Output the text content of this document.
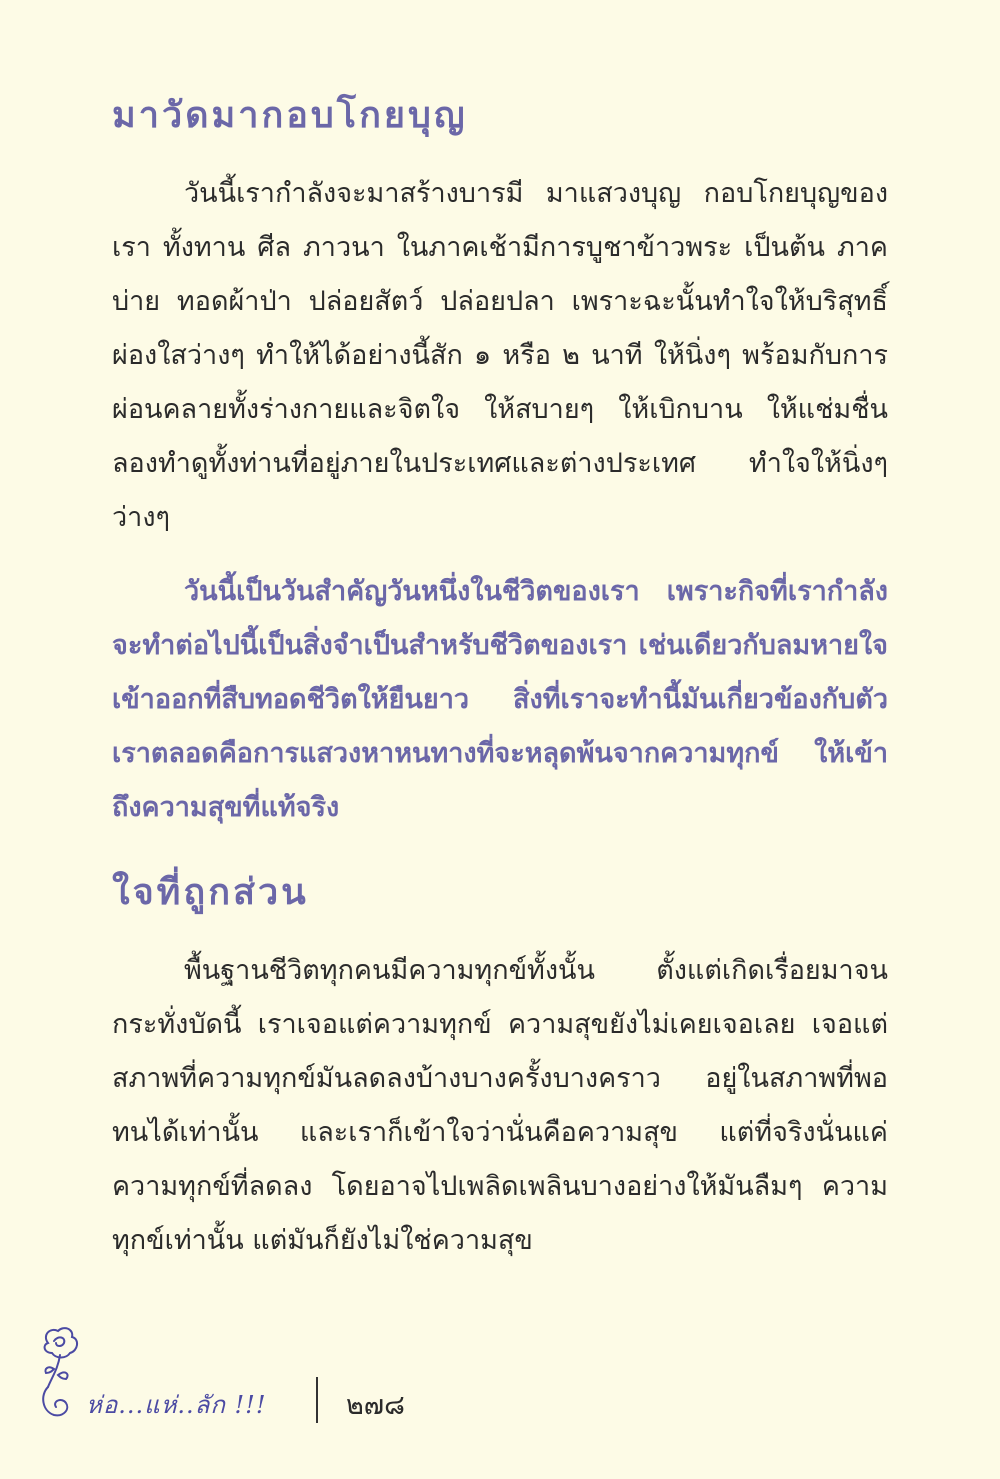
มาวัดมากอบโกยบุญ

วันนี้เรากำลังจะมาสร้างบารมี มาแสวงบุญ กอบโกยบุญของเรา ทั้งทาน ศีล ภาวนา ในภาคเช้ามีการบูชาข้าวพระ เป็นต้น ภาคบ่าย ทอดผ้าป่า ปล่อยสัตว์ ปล่อยปลา เพราะฉะนั้นทำใจให้บริสุทธิ์ผ่องใสว่างๆ ทำให้ได้อย่างนี้สัก ๑ หรือ ๒ นาที ให้นิ่งๆ พร้อมกับการผ่อนคลายทั้งร่างกายและจิตใจ ให้สบายๆ ให้เบิกบาน ให้แช่มชื่น ลองทำดูทั้งท่านที่อยู่ภายในประเทศและต่างประเทศ ทำใจให้นิ่งๆ ว่างๆ

วันนี้เป็นวันสำคัญวันหนึ่งในชีวิตของเรา เพราะกิจที่เรากำลังจะทำต่อไปนี้เป็นสิ่งจำเป็นสำหรับชีวิตของเรา เช่นเดียวกับลมหายใจเข้าออกที่สืบทอดชีวิตให้ยืนยาว สิ่งที่เราจะทำนี้มันเกี่ยวข้องกับตัวเราตลอดคือการแสวงหาหนทางที่จะหลุดพ้นจากความทุกข์ ให้เข้าถึงความสุขที่แท้จริง

ใจที่ถูกส่วน

พื้นฐานชีวิตทุกคนมีความทุกข์ทั้งนั้น ตั้งแต่เกิดเรื่อยมาจนกระทั่งบัดนี้ เราเจอแต่ความทุกข์ ความสุขยังไม่เคยเจอเลย เจอแต่สภาพที่ความทุกข์มันลดลงบ้างบางครั้งบางคราว อยู่ในสภาพที่พอทนได้เท่านั้น และเราก็เข้าใจว่านั่นคือความสุข แต่ที่จริงนั่นแค่ความทุกข์ที่ลดลง โดยอาจไปเพลิดเพลินบางอย่างให้มันลืมๆ ความทุกข์เท่านั้น แต่มันก็ยังไม่ใช่ความสุข

ห่อ...แห่..ลัก !!!	๒๗๘
